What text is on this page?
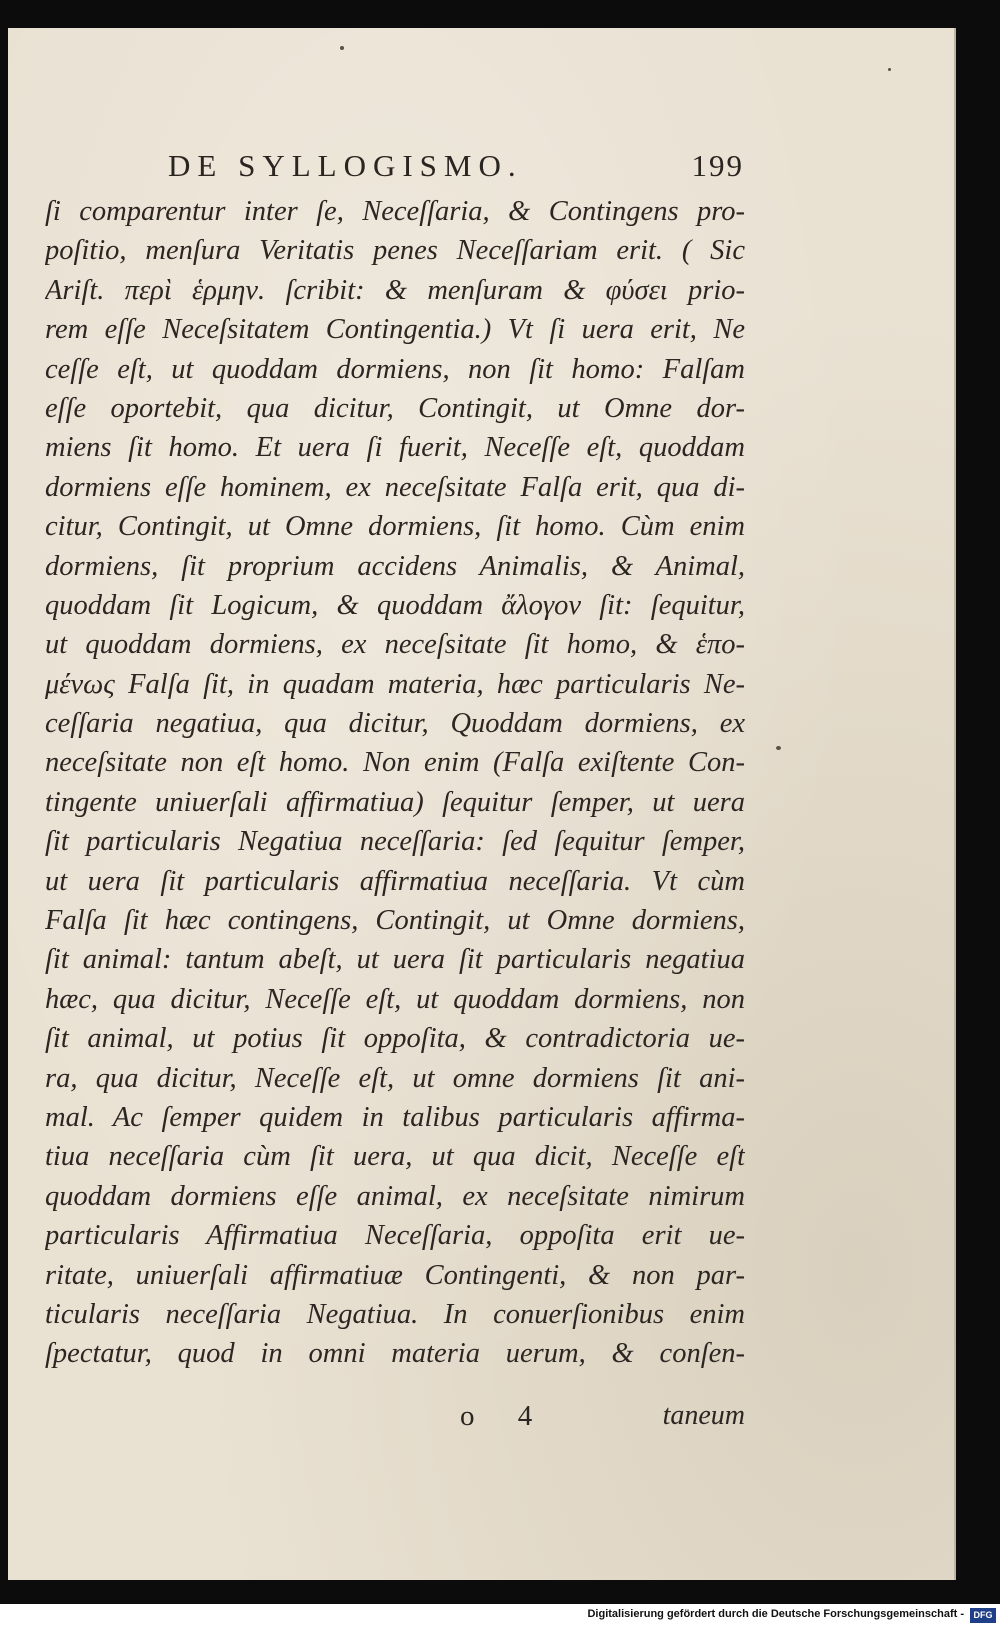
DE SYLLOGISMO.	199
ſi comparentur inter ſe, Neceſſaria, & Contingens pro-
poſitio, menſura Veritatis penes Neceſſariam erit. ( Sic
Ariſt. περὶ ἑρμην. ſcribit: & menſuram & φύσει prio-
rem eſſe Neceſsitatem Contingentia.) Vt ſi uera erit, Ne
ceſſe eſt, ut quoddam dormiens, non ſit homo: Falſam
eſſe oportebit, qua dicitur, Contingit, ut Omne dor-
miens ſit homo. Et uera ſi fuerit, Neceſſe eſt, quoddam
dormiens eſſe hominem, ex neceſsitate Falſa erit, qua di-
citur, Contingit, ut Omne dormiens, ſit homo. Cùm enim
dormiens, ſit proprium accidens Animalis, & Animal,
quoddam ſit Logicum, & quoddam ἄλογον ſit: ſequitur,
ut quoddam dormiens, ex neceſsitate ſit homo, & ἑπο-
μένως Falſa ſit, in quadam materia, hæc particularis Ne-
ceſſaria negatiua, qua dicitur, Quoddam dormiens, ex
neceſsitate non eſt homo. Non enim (Falſa exiſtente Con-
tingente uniuerſali affirmatiua) ſequitur ſemper, ut uera
ſit particularis Negatiua neceſſaria: ſed ſequitur ſemper,
ut uera ſit particularis affirmatiua neceſſaria. Vt cùm
Falſa ſit hæc contingens, Contingit, ut Omne dormiens,
ſit animal: tantum abeſt, ut uera ſit particularis negatiua
hæc, qua dicitur, Neceſſe eſt, ut quoddam dormiens, non
ſit animal, ut potius ſit oppoſita, & contradictoria ue-
ra, qua dicitur, Neceſſe eſt, ut omne dormiens ſit ani-
mal. Ac ſemper quidem in talibus particularis affirma-
tiua neceſſaria cùm ſit uera, ut qua dicit, Neceſſe eſt
quoddam dormiens eſſe animal, ex neceſsitate nimirum
particularis Affirmatiua Neceſſaria, oppoſita erit ue-
ritate, uniuerſali affirmatiuæ Contingenti, & non par-
ticularis neceſſaria Negatiua. In conuerſionibus enim
ſpectatur, quod in omni materia uerum, & conſen-
o 4	taneum
Digitalisierung gefördert durch die Deutsche Forschungsgemeinschaft -	DFG
